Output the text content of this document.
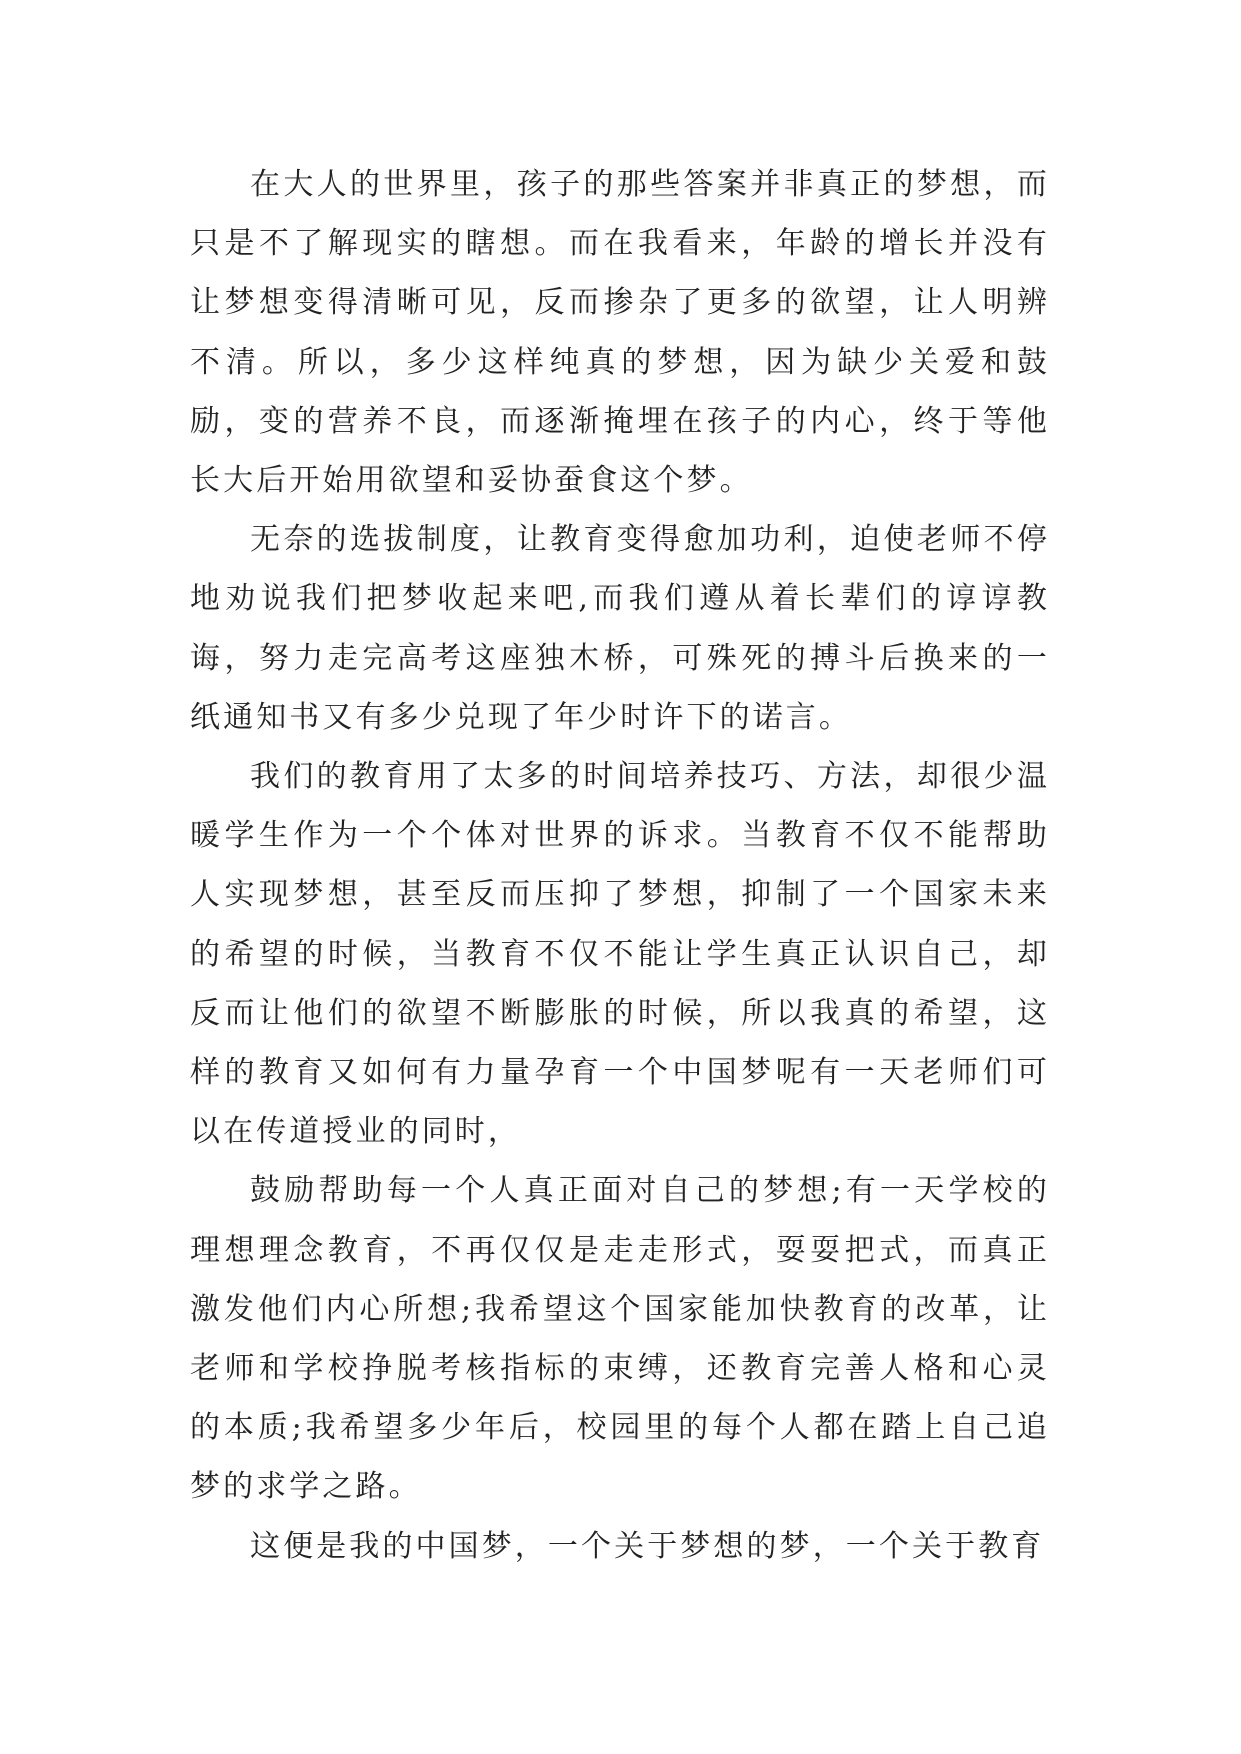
在大人的世界里，孩子的那些答案并非真正的梦想，而只是不了解现实的瞎想。而在我看来，年龄的增长并没有让梦想变得清晰可见，反而掺杂了更多的欲望，让人明辨不清。所以，多少这样纯真的梦想，因为缺少关爱和鼓励，变的营养不良，而逐渐掩埋在孩子的内心，终于等他长大后开始用欲望和妥协蚕食这个梦。

无奈的选拔制度，让教育变得愈加功利，迫使老师不停地劝说我们把梦收起来吧,而我们遵从着长辈们的谆谆教诲，努力走完高考这座独木桥，可殊死的搏斗后换来的一纸通知书又有多少兑现了年少时许下的诺言。

我们的教育用了太多的时间培养技巧、方法，却很少温暖学生作为一个个体对世界的诉求。当教育不仅不能帮助人实现梦想，甚至反而压抑了梦想，抑制了一个国家未来的希望的时候，当教育不仅不能让学生真正认识自己，却反而让他们的欲望不断膨胀的时候，所以我真的希望，这样的教育又如何有力量孕育一个中国梦呢有一天老师们可以在传道授业的同时，

鼓励帮助每一个人真正面对自己的梦想;有一天学校的理想理念教育，不再仅仅是走走形式，耍耍把式，而真正激发他们内心所想;我希望这个国家能加快教育的改革，让老师和学校挣脱考核指标的束缚，还教育完善人格和心灵的本质;我希望多少年后，校园里的每个人都在踏上自己追梦的求学之路。

这便是我的中国梦，一个关于梦想的梦，一个关于教育
